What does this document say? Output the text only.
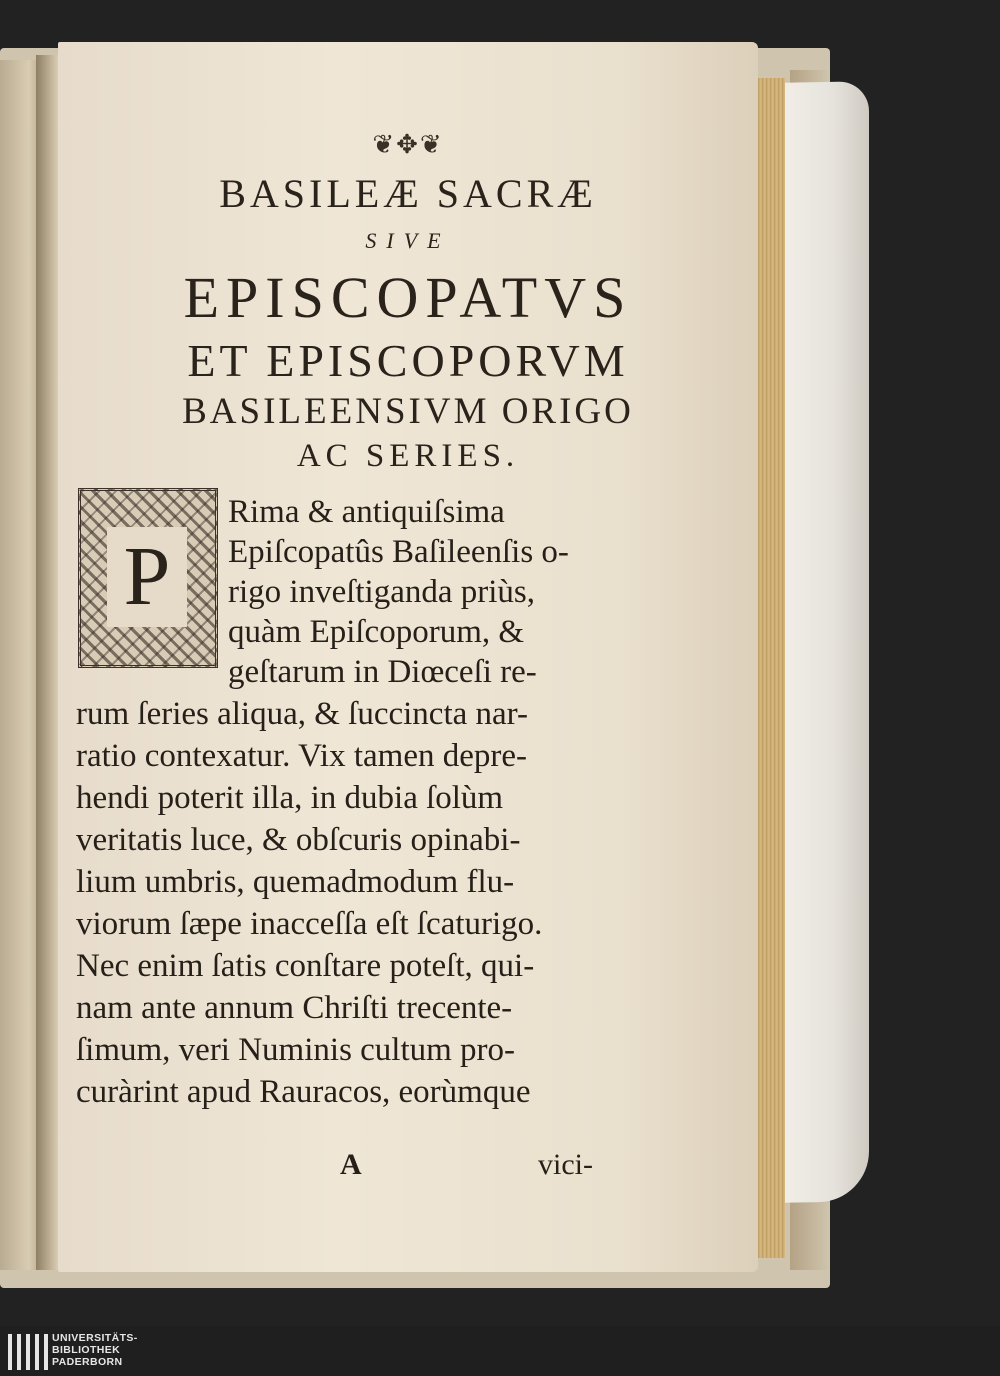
❦✥❦
BASILEÆ SACRÆ
SIVE
EPISCOPATVS
ET EPISCOPORVM
BASILEENSIVM ORIGO
AC SERIES.
P
Rima & antiquiſsima
Epiſcopatûs Baſileenſis o-
rigo inveſtiganda priùs,
quàm Epiſcoporum, &
geſtarum in Diœceſi re-
rum ſeries aliqua, & ſuccincta nar-
ratio contexatur. Vix tamen depre-
hendi poterit illa, in dubia ſolùm
veritatis luce, & obſcuris opinabi-
lium umbris, quemadmodum flu-
viorum ſæpe inacceſſa eſt ſcaturigo.
Nec enim ſatis conſtare poteſt, qui-
nam ante annum Chriſti trecente-
ſimum, veri Numinis cultum pro-
curàrint apud Rauracos, eorùmque
A	vici-
UNIVERSITÄTS-
BIBLIOTHEK
PADERBORN
